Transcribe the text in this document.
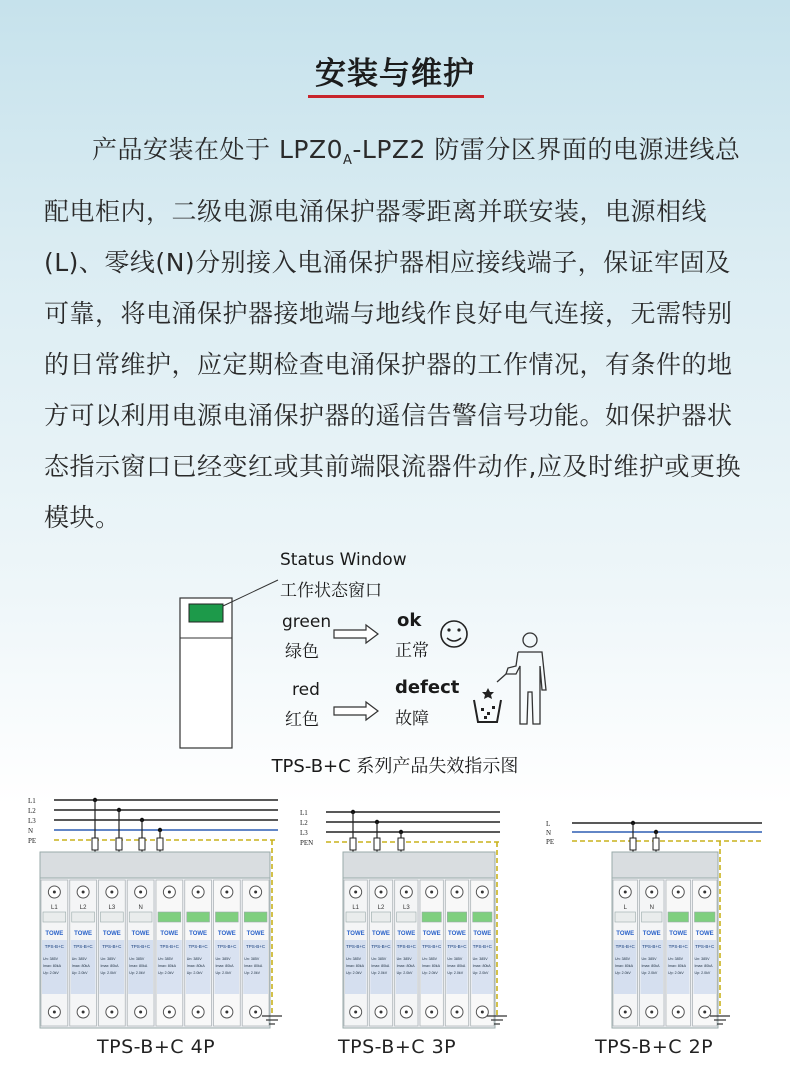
安装与维护

产品安装在处于 $LPZ0_A-LPZ2$ 防雷分区界面的电源进线总配电柜内，二级电源电涌保护器零距离并联安装，电源相线(L)、零线(N)分别接入电涌保护器相应接线端子，保证牢固及可靠，将电涌保护器接地端与地线作良好电气连接，无需特别的日常维护，应定期检查电涌保护器的工作情况，有条件的地方可以利用电源电涌保护器的遥信告警信号功能。如保护器状态指示窗口已经变红或其前端限流器件动作,应及时维护或更换模块。

Status Window
工作状态窗口
green
绿色
ok
正常
red
红色
defect
故障
TPS-B+C 系列产品失效指示图
L1
L2
L3
N
PE
L1
TOWE
TPS-B+C
Un: 385V
Imax: 80kA
Up: 2.0kV
L2
TOWE
TPS-B+C
Un: 385V
Imax: 80kA
Up: 2.0kV
L3
TOWE
TPS-B+C
Un: 385V
Imax: 80kA
Up: 2.0kV
N
TOWE
TPS-B+C
Un: 385V
Imax: 80kA
Up: 2.0kV
TOWE
TPS-B+C
Un: 385V
Imax: 80kA
Up: 2.0kV
TOWE
TPS-B+C
Un: 385V
Imax: 80kA
Up: 2.0kV
TOWE
TPS-B+C
Un: 385V
Imax: 80kA
Up: 2.0kV
TOWE
TPS-B+C
Un: 385V
Imax: 80kA
Up: 2.0kV
L1
L2
L3
PEN
L1
TOWE
TPS-B+C
Un: 385V
Imax: 80kA
Up: 2.0kV
L2
TOWE
TPS-B+C
Un: 385V
Imax: 80kA
Up: 2.0kV
L3
TOWE
TPS-B+C
Un: 385V
Imax: 80kA
Up: 2.0kV
TOWE
TPS-B+C
Un: 385V
Imax: 80kA
Up: 2.0kV
TOWE
TPS-B+C
Un: 385V
Imax: 80kA
Up: 2.0kV
TOWE
TPS-B+C
Un: 385V
Imax: 80kA
Up: 2.0kV
L
N
PE
L
TOWE
TPS-B+C
Un: 385V
Imax: 80kA
Up: 2.0kV
N
TOWE
TPS-B+C
Un: 385V
Imax: 80kA
Up: 2.0kV
TOWE
TPS-B+C
Un: 385V
Imax: 80kA
Up: 2.0kV
TOWE
TPS-B+C
Un: 385V
Imax: 80kA
Up: 2.0kV
TPS-B+C 4P	TPS-B+C 3P	TPS-B+C 2P
